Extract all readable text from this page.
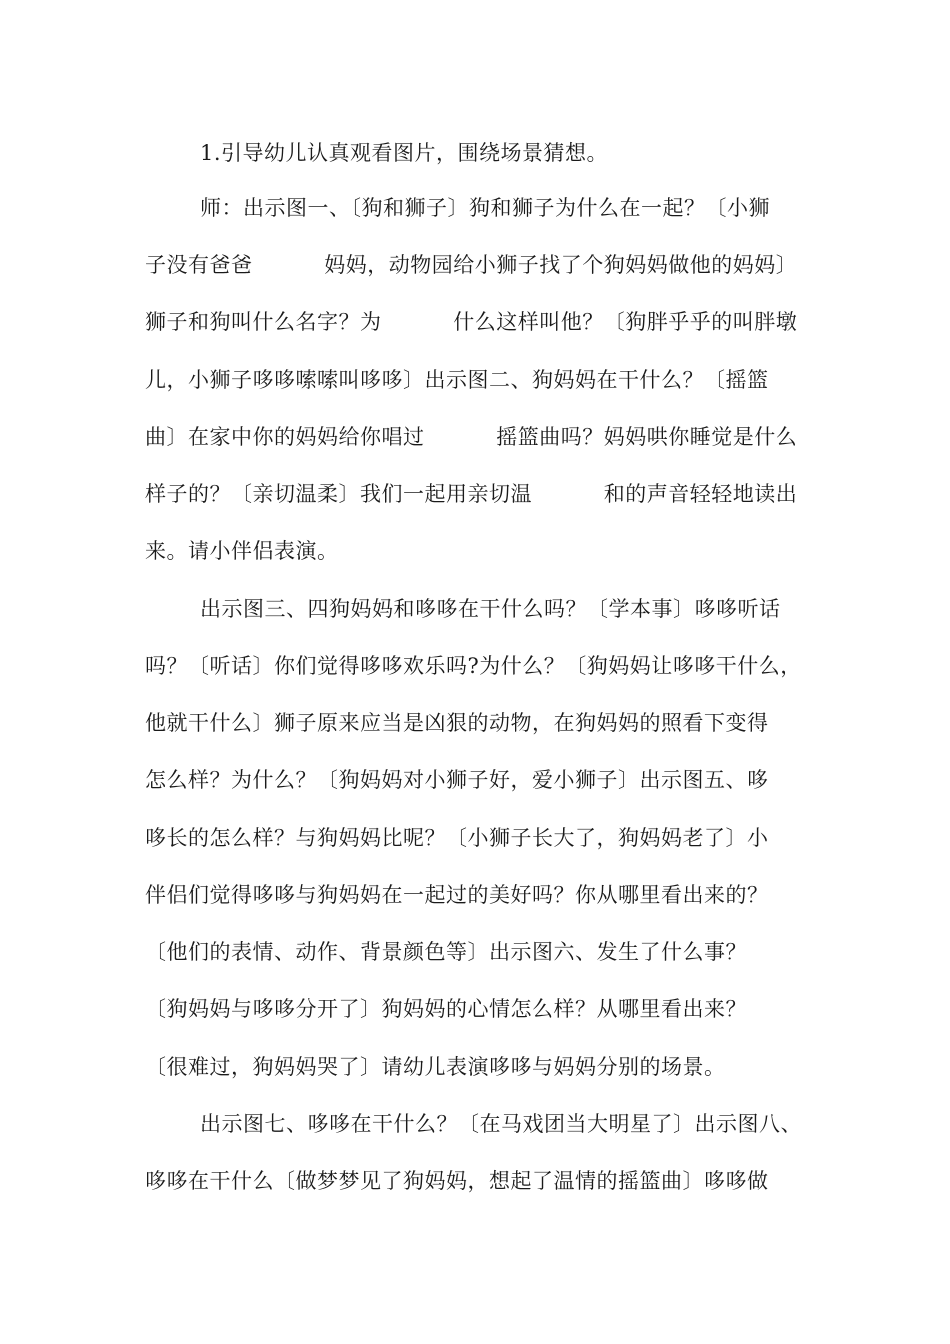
1.引导幼儿认真观看图片，围绕场景猜想。
师：出示图一、〔狗和狮子〕狗和狮子为什么在一起？〔小狮
子没有爸爸          妈妈，动物园给小狮子找了个狗妈妈做他的妈妈〕
狮子和狗叫什么名字？为          什么这样叫他？〔狗胖乎乎的叫胖墩
儿，小狮子哆哆嗦嗦叫哆哆〕出示图二、狗妈妈在干什么？〔摇篮
曲〕在家中你的妈妈给你唱过          摇篮曲吗？妈妈哄你睡觉是什么
样子的？〔亲切温柔〕我们一起用亲切温          和的声音轻轻地读出
来。请小伴侣表演。
出示图三、四狗妈妈和哆哆在干什么吗？〔学本事〕哆哆听话
吗？〔听话〕你们觉得哆哆欢乐吗?为什么？〔狗妈妈让哆哆干什么，
他就干什么〕狮子原来应当是凶狠的动物，在狗妈妈的照看下变得
怎么样？为什么？〔狗妈妈对小狮子好，爱小狮子〕出示图五、哆
哆长的怎么样？与狗妈妈比呢？〔小狮子长大了，狗妈妈老了〕小
伴侣们觉得哆哆与狗妈妈在一起过的美好吗？你从哪里看出来的？
〔他们的表情、动作、背景颜色等〕出示图六、发生了什么事？
〔狗妈妈与哆哆分开了〕狗妈妈的心情怎么样？从哪里看出来？
〔很难过，狗妈妈哭了〕请幼儿表演哆哆与妈妈分别的场景。
出示图七、哆哆在干什么？〔在马戏团当大明星了〕出示图八、
哆哆在干什么〔做梦梦见了狗妈妈，想起了温情的摇篮曲〕哆哆做
